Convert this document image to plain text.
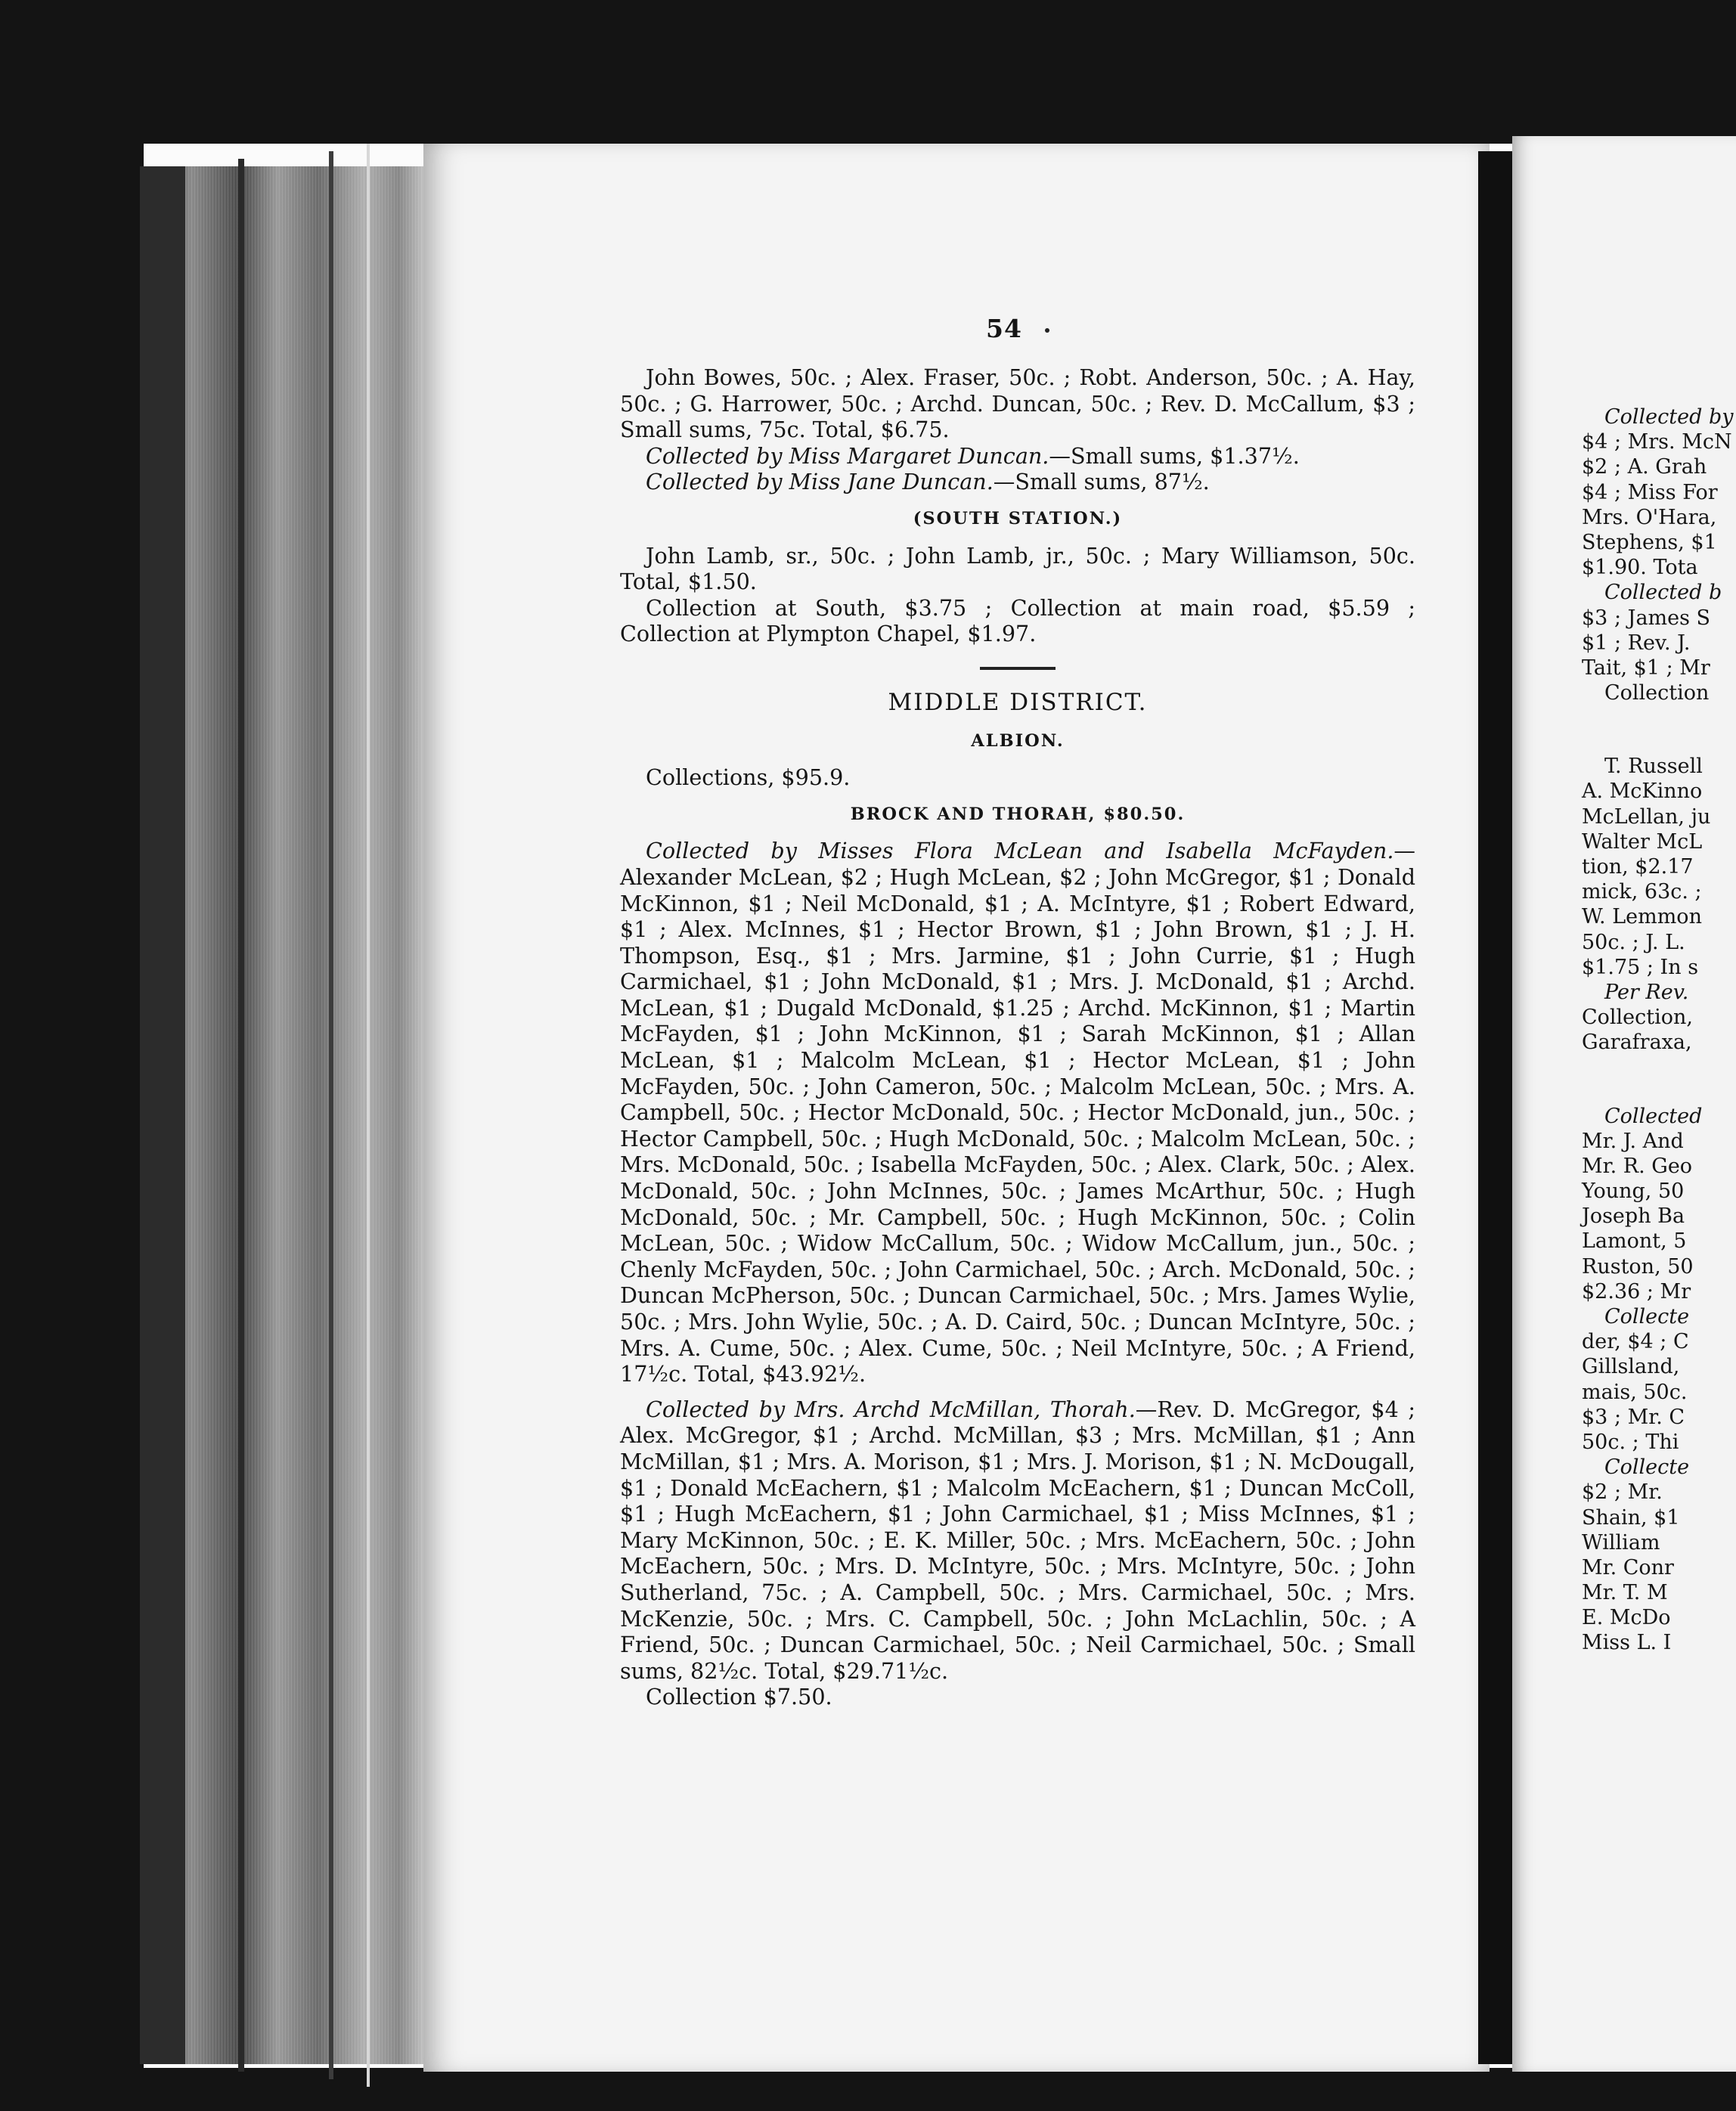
54

John Bowes, 50c. ; Alex. Fraser, 50c. ; Robt. Anderson, 50c. ; A. Hay, 50c. ; G. Harrower, 50c. ; Archd. Duncan, 50c. ; Rev. D. McCallum, $3 ; Small sums, 75c. Total, $6.75.

Collected by Miss Margaret Duncan.—Small sums, $1.37½.

Collected by Miss Jane Duncan.—Small sums, 87½.

(SOUTH STATION.)

John Lamb, sr., 50c. ; John Lamb, jr., 50c. ; Mary Williamson, 50c. Total, $1.50.

Collection at South, $3.75 ; Collection at main road, $5.59 ; Collection at Plympton Chapel, $1.97.

MIDDLE DISTRICT.
ALBION.

Collections, $95.9.

BROCK AND THORAH, $80.50.

Collected by Misses Flora McLean and Isabella McFayden.—Alexander McLean, $2 ; Hugh McLean, $2 ; John McGregor, $1 ; Donald McKinnon, $1 ; Neil McDonald, $1 ; A. McIntyre, $1 ; Robert Edward, $1 ; Alex. McInnes, $1 ; Hector Brown, $1 ; John Brown, $1 ; J. H. Thompson, Esq., $1 ; Mrs. Jarmine, $1 ; John Currie, $1 ; Hugh Carmichael, $1 ; John McDonald, $1 ; Mrs. J. McDonald, $1 ; Archd. McLean, $1 ; Dugald McDonald, $1.25 ; Archd. McKinnon, $1 ; Martin McFayden, $1 ; John McKinnon, $1 ; Sarah McKinnon, $1 ; Allan McLean, $1 ; Malcolm McLean, $1 ; Hector McLean, $1 ; John McFayden, 50c. ; John Cameron, 50c. ; Malcolm McLean, 50c. ; Mrs. A. Campbell, 50c. ; Hector McDonald, 50c. ; Hector McDonald, jun., 50c. ; Hector Campbell, 50c. ; Hugh McDonald, 50c. ; Malcolm McLean, 50c. ; Mrs. McDonald, 50c. ; Isabella McFayden, 50c. ; Alex. Clark, 50c. ; Alex. McDonald, 50c. ; John McInnes, 50c. ; James McArthur, 50c. ; Hugh McDonald, 50c. ; Mr. Campbell, 50c. ; Hugh McKinnon, 50c. ; Colin McLean, 50c. ; Widow McCallum, 50c. ; Widow McCallum, jun., 50c. ; Chenly McFayden, 50c. ; John Carmichael, 50c. ; Arch. McDonald, 50c. ; Duncan McPherson, 50c. ; Duncan Carmichael, 50c. ; Mrs. James Wylie, 50c. ; Mrs. John Wylie, 50c. ; A. D. Caird, 50c. ; Duncan McIntyre, 50c. ; Mrs. A. Cume, 50c. ; Alex. Cume, 50c. ; Neil McIntyre, 50c. ; A Friend, 17½c. Total, $43.92½.

Collected by Mrs. Archd McMillan, Thorah.—Rev. D. McGregor, $4 ; Alex. McGregor, $1 ; Archd. McMillan, $3 ; Mrs. McMillan, $1 ; Ann McMillan, $1 ; Mrs. A. Morison, $1 ; Mrs. J. Morison, $1 ; N. McDougall, $1 ; Donald McEachern, $1 ; Malcolm McEachern, $1 ; Duncan McColl, $1 ; Hugh McEachern, $1 ; John Carmichael, $1 ; Miss McInnes, $1 ; Mary McKinnon, 50c. ; E. K. Miller, 50c. ; Mrs. McEachern, 50c. ; John McEachern, 50c. ; Mrs. D. McIntyre, 50c. ; Mrs. McIntyre, 50c. ; John Sutherland, 75c. ; A. Campbell, 50c. ; Mrs. Carmichael, 50c. ; Mrs. McKenzie, 50c. ; Mrs. C. Campbell, 50c. ; John McLachlin, 50c. ; A Friend, 50c. ; Duncan Carmichael, 50c. ; Neil Carmichael, 50c. ; Small sums, 82½c. Total, $29.71½c.

Collection $7.50.

Collected by
$4 ; Mrs. McN
$2 ; A. Grah
$4 ; Miss For
Mrs. O'Hara,
Stephens, $1
$1.90. Tota
Collected b
$3 ; James S
$1 ; Rev. J.
Tait, $1 ; Mr
Collection
T. Russell
A. McKinno
McLellan, ju
Walter McL
tion, $2.17
mick, 63c. ;
W. Lemmon
50c. ; J. L.
$1.75 ; In s
Per Rev.
Collection,
Garafraxa,
Collected
Mr. J. And
Mr. R. Geo
Young, 50
Joseph Ba
Lamont, 5
Ruston, 50
$2.36 ; Mr
Collecte
der, $4 ; C
Gillsland,
mais, 50c.
$3 ; Mr. C
50c. ; Thi
Collecte
$2 ; Mr.
Shain, $1
William
Mr. Conr
Mr. T. M
E. McDo
Miss L. I
